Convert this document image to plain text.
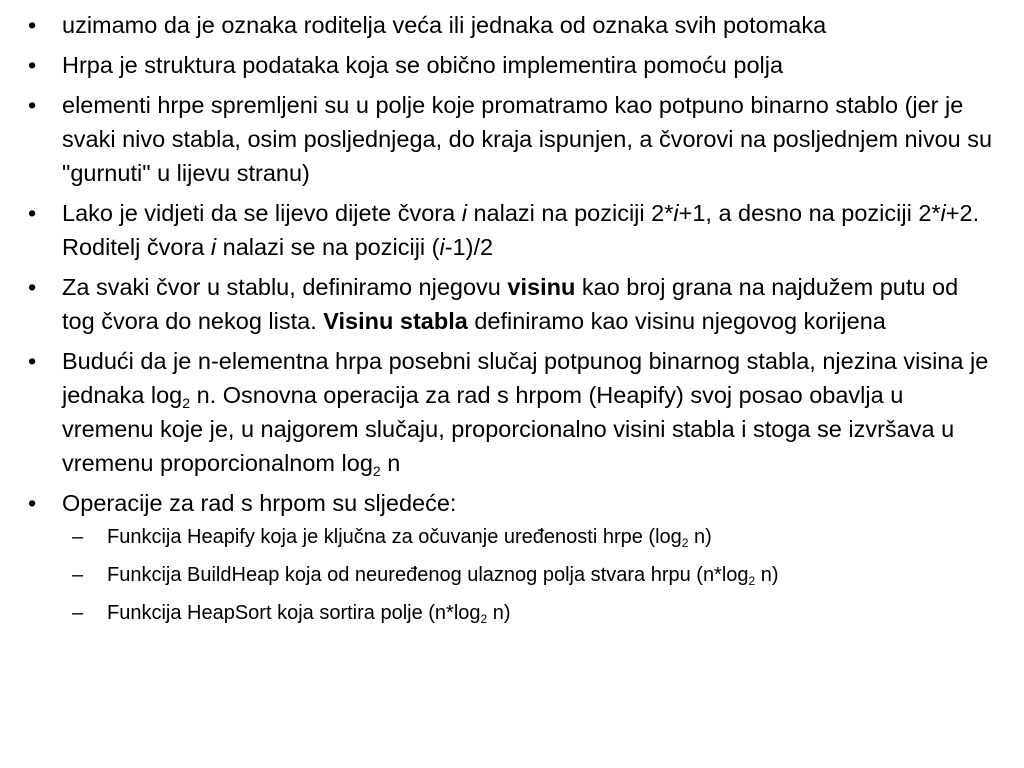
• uzimamo da je oznaka roditelja veća ili jednaka od oznaka svih potomaka
• Hrpa je struktura podataka koja se obično implementira pomoću polja
• elementi hrpe spremljeni su u polje koje promatramo kao potpuno binarno stablo (jer je svaki nivo stabla, osim posljednjega, do kraja ispunjen, a čvorovi na posljednjem nivou su "gurnuti" u lijevu stranu)
• Lako je vidjeti da se lijevo dijete čvora i nalazi na poziciji 2*i+1, a desno na poziciji 2*i+2. Roditelj čvora i nalazi se na poziciji (i-1)/2
• Za svaki čvor u stablu, definiramo njegovu visinu kao broj grana na najdužem putu od tog čvora do nekog lista. Visinu stabla definiramo kao visinu njegovog korijena
• Budući da je n-elementna hrpa posebni slučaj potpunog binarnog stabla, njezina visina je jednaka $\log_2 n$. Osnovna operacija za rad s hrpom (Heapify) svoj posao obavlja u vremenu koje je, u najgorem slučaju, proporcionalno visini stabla i stoga se izvršava u vremenu proporcionalnom $\log_2 n$
• Operacije za rad s hrpom su sljedeće:
– Funkcija Heapify koja je ključna za očuvanje uređenosti hrpe ($\log_2$ n)
– Funkcija BuildHeap koja od neuređenog ulaznog polja stvara hrpu ($n*\log_2$ n)
– Funkcija HeapSort koja sortira polje ($n*\log_2$ n)
